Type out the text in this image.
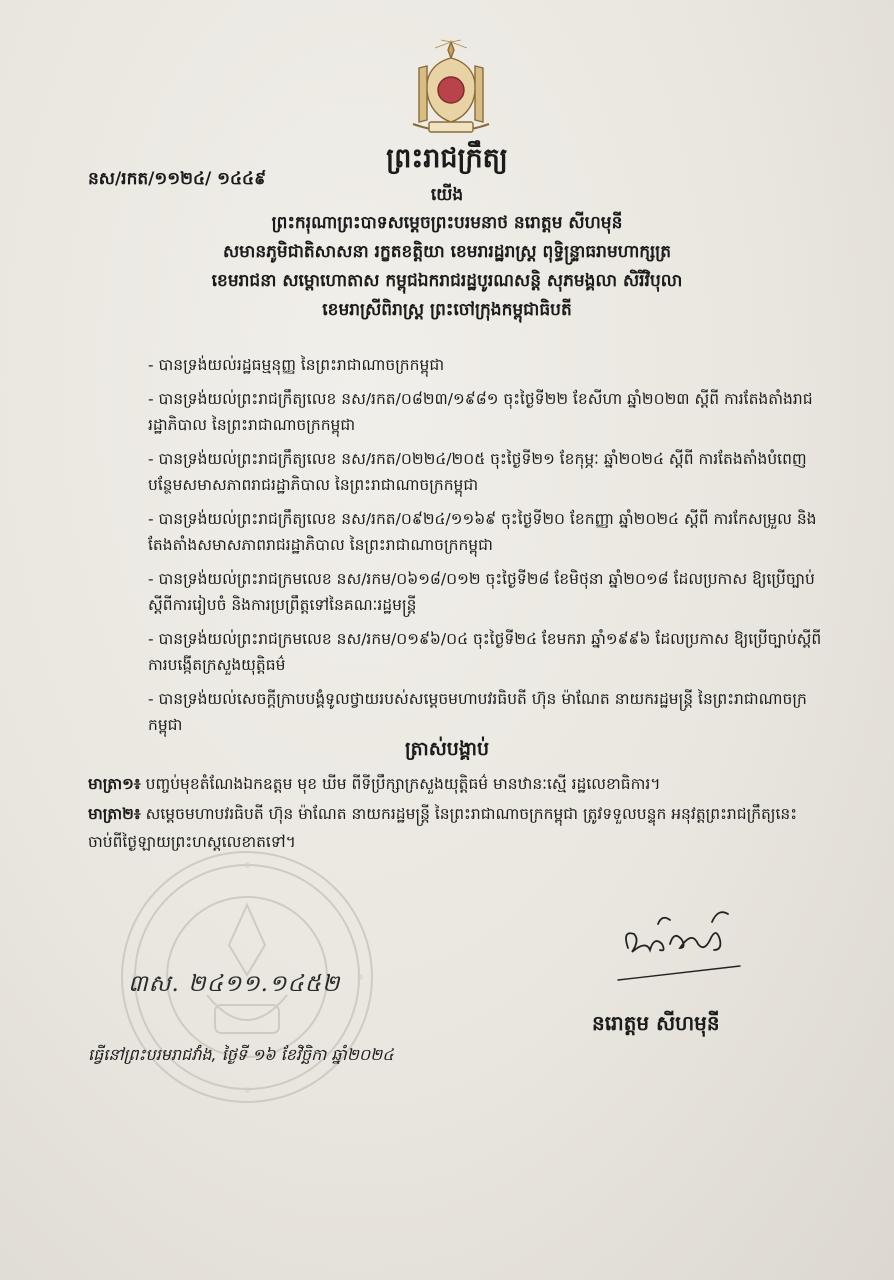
ព្រះរាជក្រឹត្យ
នស/រកត/១១២៤/ ១៤៤៩
យើង
ព្រះករុណាព្រះបាទសម្ដេចព្រះបរមនាថ នរោត្តម សីហមុនី
សមានភូមិជាតិសាសនា រក្ខតខត្តិយា ខេមរារដ្ឋរាស្ត្រ ពុទ្ធិន្ទ្រាធរាមហាក្សត្រ
ខេមរាជនា សម្ពោហោតាស កម្ពុជឯករាជរដ្ឋបូរណសន្តិ សុភមង្គលា សិរីវិបុលា
ខេមរាស្រីពិរាស្ត្រ ព្រះចៅក្រុងកម្ពុជាធិបតី
- បានទ្រង់យល់រដ្ឋធម្មនុញ្ញ នៃព្រះរាជាណាចក្រកម្ពុជា
- បានទ្រង់យល់ព្រះរាជក្រឹត្យលេខ នស/រកត/០៨២៣/១៩៨១ ចុះថ្ងៃទី២២ ខែសីហា ឆ្នាំ២០២៣ ស្ដីពី ការតែងតាំងរាជរដ្ឋាភិបាល នៃព្រះរាជាណាចក្រកម្ពុជា
- បានទ្រង់យល់ព្រះរាជក្រឹត្យលេខ នស/រកត/០២២៤/២០៥ ចុះថ្ងៃទី២១ ខែកុម្ភៈ ឆ្នាំ២០២៤ ស្ដីពី ការតែងតាំងបំពេញបន្ថែមសមាសភាពរាជរដ្ឋាភិបាល នៃព្រះរាជាណាចក្រកម្ពុជា
- បានទ្រង់យល់ព្រះរាជក្រឹត្យលេខ នស/រកត/០៩២៤/១១៦៩ ចុះថ្ងៃទី២០ ខែកញ្ញា ឆ្នាំ២០២៤ ស្ដីពី ការកែសម្រួល និងតែងតាំងសមាសភាពរាជរដ្ឋាភិបាល នៃព្រះរាជាណាចក្រកម្ពុជា
- បានទ្រង់យល់ព្រះរាជក្រមលេខ នស/រកម/០៦១៨/០១២ ចុះថ្ងៃទី២៨ ខែមិថុនា ឆ្នាំ២០១៨ ដែលប្រកាស ឱ្យប្រើច្បាប់ស្ដីពីការរៀបចំ និងការប្រព្រឹត្តទៅនៃគណៈរដ្ឋមន្ត្រី
- បានទ្រង់យល់ព្រះរាជក្រមលេខ នស/រកម/០១៩៦/០៤ ចុះថ្ងៃទី២៤ ខែមករា ឆ្នាំ១៩៩៦ ដែលប្រកាស ឱ្យប្រើច្បាប់ស្ដីពីការបង្កើតក្រសួងយុត្តិធម៌
- បានទ្រង់យល់សេចក្ដីក្រាបបង្គំទូលថ្វាយរបស់សម្ដេចមហាបវរធិបតី ហ៊ុន ម៉ាណែត នាយករដ្ឋមន្ត្រី នៃព្រះរាជាណាចក្រកម្ពុជា
ត្រាស់បង្គាប់
មាត្រា១៖ បញ្ចប់មុខតំណែងឯកឧត្តម មុខ ឃីម ពីទីប្រឹក្សាក្រសួងយុត្តិធម៌ មានឋានៈស្មើ រដ្ឋលេខាធិការ។
មាត្រា២៖ សម្ដេចមហាបវរធិបតី ហ៊ុន ម៉ាណែត នាយករដ្ឋមន្ត្រី នៃព្រះរាជាណាចក្រកម្ពុជា ត្រូវទទួលបន្ទុក អនុវត្តព្រះរាជក្រឹត្យនេះ ចាប់ពីថ្ងៃឡាយព្រះហស្ដលេខាតទៅ។
៣ស. ២៤១១.១៤៥២
នរោត្តម សីហមុនី
ធ្វើនៅព្រះបរមរាជវាំង, ថ្ងៃទី ១៦ ខែវិច្ឆិកា ឆ្នាំ២០២៤
